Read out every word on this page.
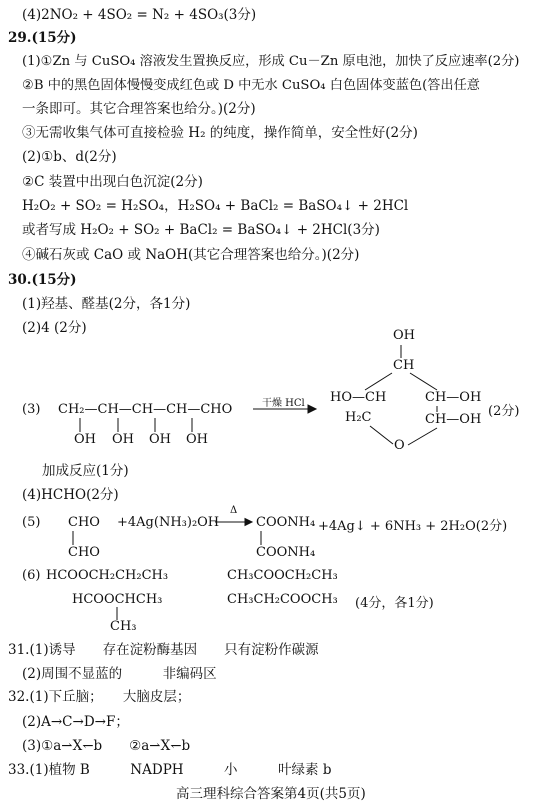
(4)2NO₂ + 4SO₂ = N₂ + 4SO₃(3分)
29.(15分)
(1)①Zn 与 CuSO₄ 溶液发生置换反应，形成 Cu－Zn 原电池，加快了反应速率(2分)
②B 中的黑色固体慢慢变成红色或 D 中无水 CuSO₄ 白色固体变蓝色(答出任意
一条即可。其它合理答案也给分。)(2分)
③无需收集气体可直接检验 H₂ 的纯度，操作简单，安全性好(2分)
(2)①b、d(2分)
②C 装置中出现白色沉淀(2分)
H₂O₂ + SO₂ = H₂SO₄，H₂SO₄ + BaCl₂ = BaSO₄↓ + 2HCl
或者写成 H₂O₂ + SO₂ + BaCl₂ = BaSO₄↓ + 2HCl(3分)
④碱石灰或 CaO 或 NaOH(其它合理答案也给分。)(2分)
30.(15分)
(1)羟基、醛基(2分，各1分)
(2)4 (2分)
(3) CH₂—CH—CH—CH—CHO
OH OH OH OH
干燥 HCl
OH
CH
HO—CH	CH—OH
H₂C	CH—OH
O
(2分)
加成反应(1分)
(4)HCHO(2分)
(5) CHO +4Ag(NH₃)₂OH
Δ
COONH₄ +4Ag↓ + 6NH₃ + 2H₂O(2分)
CHO	COONH₄
(6) HCOOCH₂CH₂CH₃	CH₃COOCH₂CH₃
HCOOCHCH₃	CH₃CH₂COOCH₃ (4分，各1分)
CH₃
31.(1)诱导　　存在淀粉酶基因　　只有淀粉作碳源
(2)周围不显蓝的　　　非编码区
32.(1)下丘脑；　　大脑皮层；
(2)A→C→D→F；
(3)①a⇀X↽b　　②a⇀X↽b
33.(1)植物 B　　　NADPH　　　小　　　叶绿素 b
高三理科综合答案第4页(共5页)
